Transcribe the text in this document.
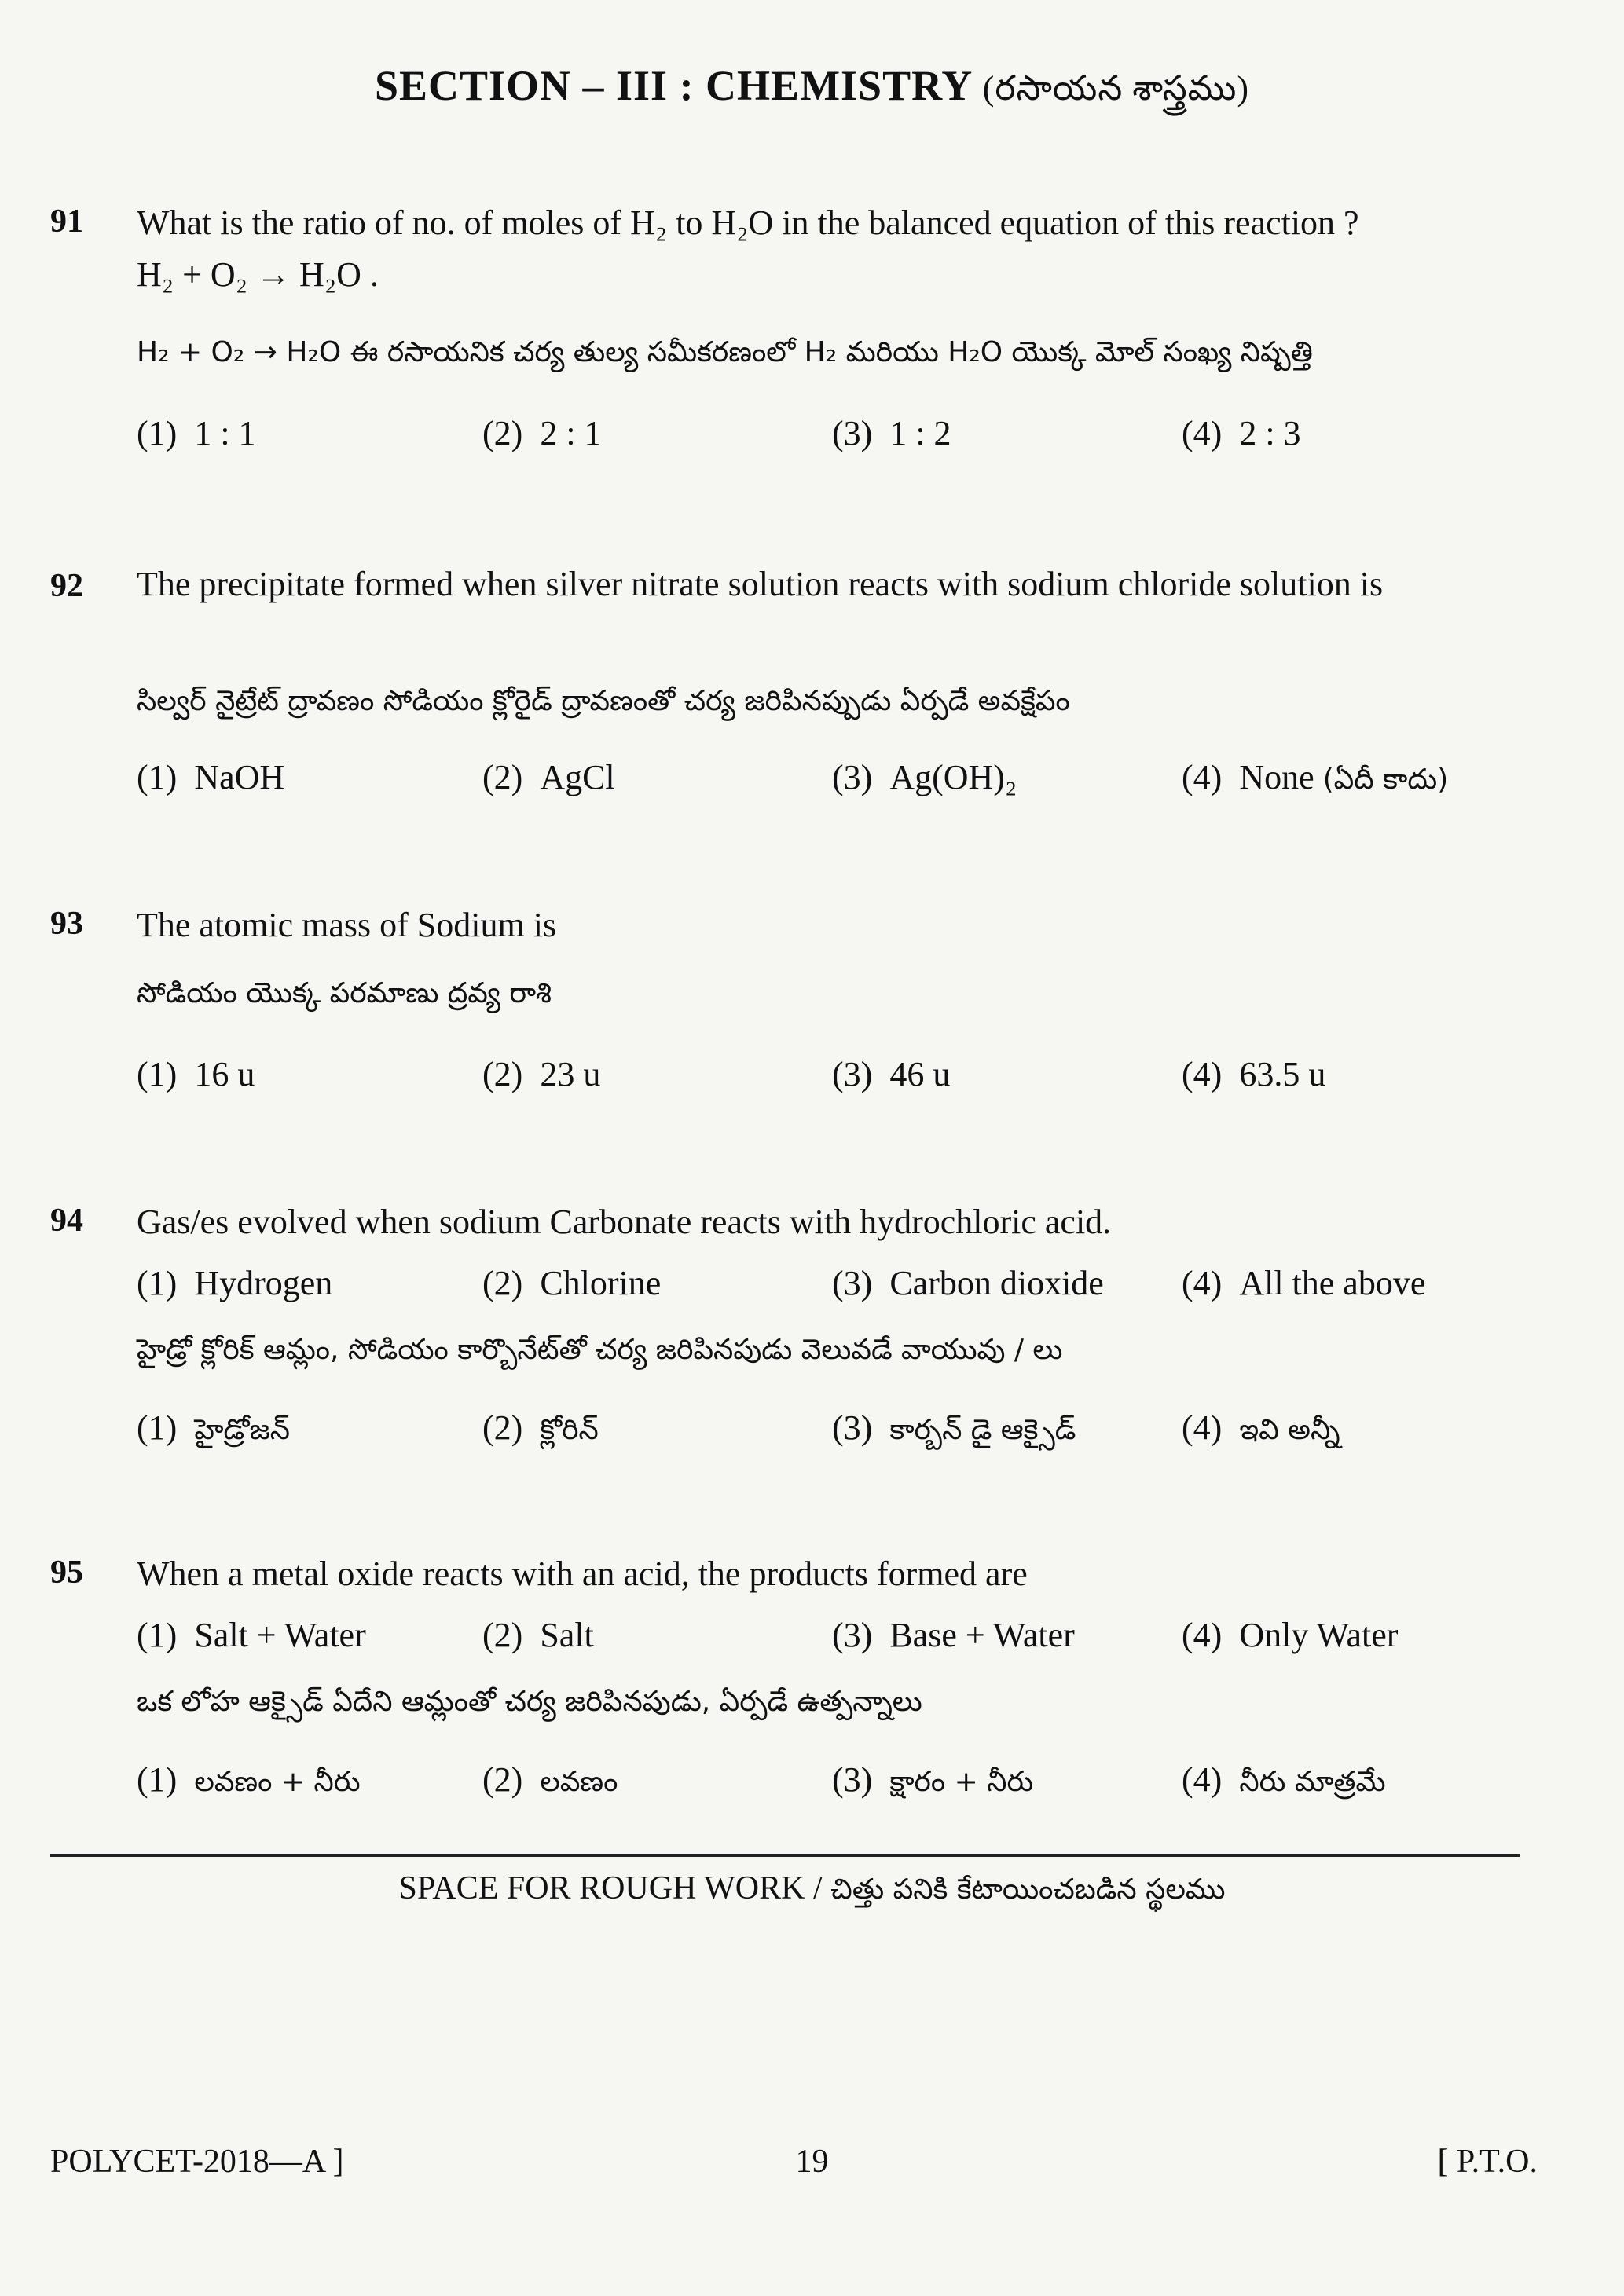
SECTION – III : CHEMISTRY (రసాయన శాస్త్రము)
91 What is the ratio of no. of moles of H₂ to H₂O in the balanced equation of this reaction ?
H₂ + O₂ → H₂O .
H₂ + O₂ → H₂O ఈ రసాయనిక చర్య తుల్య సమీకరణంలో H₂ మరియు H₂O యొక్క మోల్ సంఖ్య నిష్పత్తి
(1) 1 : 1	(2) 2 : 1	(3) 1 : 2	(4) 2 : 3
92 The precipitate formed when silver nitrate solution reacts with sodium chloride solution is
సిల్వర్ నైట్రేట్ ద్రావణం సోడియం క్లోరైడ్ ద్రావణంతో చర్య జరిపినప్పుడు ఏర్పడే అవక్షేపం
(1) NaOH	(2) AgCl	(3) Ag(OH)₂	(4) None (ఏదీ కాదు)
93 The atomic mass of Sodium is
సోడియం యొక్క పరమాణు ద్రవ్య రాశి
(1) 16 u	(2) 23 u	(3) 46 u	(4) 63.5 u
94 Gas/es evolved when sodium Carbonate reacts with hydrochloric acid.
(1) Hydrogen	(2) Chlorine	(3) Carbon dioxide (4) All the above
హైడ్రో క్లోరిక్ ఆమ్లం, సోడియం కార్బొనేట్‌తో చర్య జరిపినపుడు వెలువడే వాయువు / లు
(1) హైడ్రోజన్	(2) క్లోరిన్	(3) కార్బన్ డై ఆక్సైడ్	(4) ఇవి అన్నీ
95 When a metal oxide reacts with an acid, the products formed are
(1) Salt + Water	(2) Salt	(3) Base + Water	(4) Only Water
ఒక లోహ ఆక్సైడ్ ఏదేని ఆమ్లంతో చర్య జరిపినపుడు, ఏర్పడే ఉత్పన్నాలు
(1) లవణం + నీరు	(2) లవణం	(3) క్షారం + నీరు	(4) నీరు మాత్రమే
SPACE FOR ROUGH WORK / చిత్తు పనికి కేటాయించబడిన స్థలము
POLYCET-2018—A ]	19	[ P.T.O.
